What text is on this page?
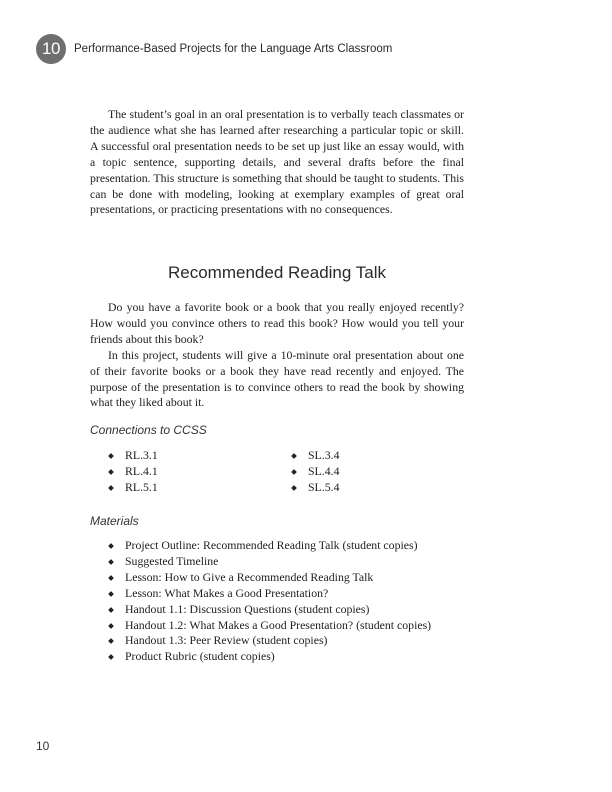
10	Performance-Based Projects for the Language Arts Classroom

The student’s goal in an oral presentation is to verbally teach classmates or the audience what she has learned after researching a particular topic or skill. A successful oral presentation needs to be set up just like an essay would, with a topic sentence, supporting details, and several drafts before the final presentation. This structure is something that should be taught to students. This can be done with modeling, looking at exemplary examples of great oral presentations, or practicing presentations with no consequences.

Recommended Reading Talk

Do you have a favorite book or a book that you really enjoyed recently? How would you convince others to read this book? How would you tell your friends about this book?

In this project, students will give a 10-minute oral presentation about one of their favorite books or a book they have read recently and enjoyed. The purpose of the presentation is to convince others to read the book by showing what they liked about it.

Connections to CCSS
RL.3.1
RL.4.1
RL.5.1
SL.3.4
SL.4.4
SL.5.4
Materials
Project Outline: Recommended Reading Talk (student copies)
Suggested Timeline
Lesson: How to Give a Recommended Reading Talk
Lesson: What Makes a Good Presentation?
Handout 1.1: Discussion Questions (student copies)
Handout 1.2: What Makes a Good Presentation? (student copies)
Handout 1.3: Peer Review (student copies)
Product Rubric (student copies)
10
